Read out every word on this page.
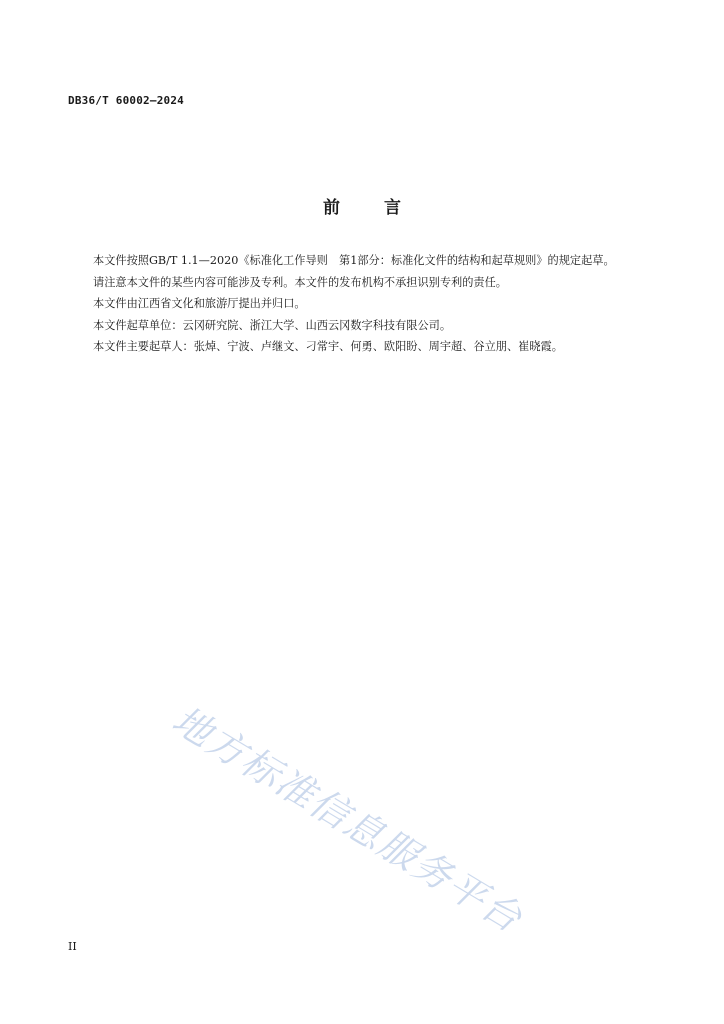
DB36/T 60002—2024
前言

本文件按照GB/T 1.1—2020《标准化工作导则　第1部分：标准化文件的结构和起草规则》的规定起草。

请注意本文件的某些内容可能涉及专利。本文件的发布机构不承担识别专利的责任。

本文件由江西省文化和旅游厅提出并归口。

本文件起草单位：云冈研究院、浙江大学、山西云冈数字科技有限公司。

本文件主要起草人：张焯、宁波、卢继文、刁常宇、何勇、欧阳盼、周宇超、谷立朋、崔晓霞。

地方标准信息服务平台
II
